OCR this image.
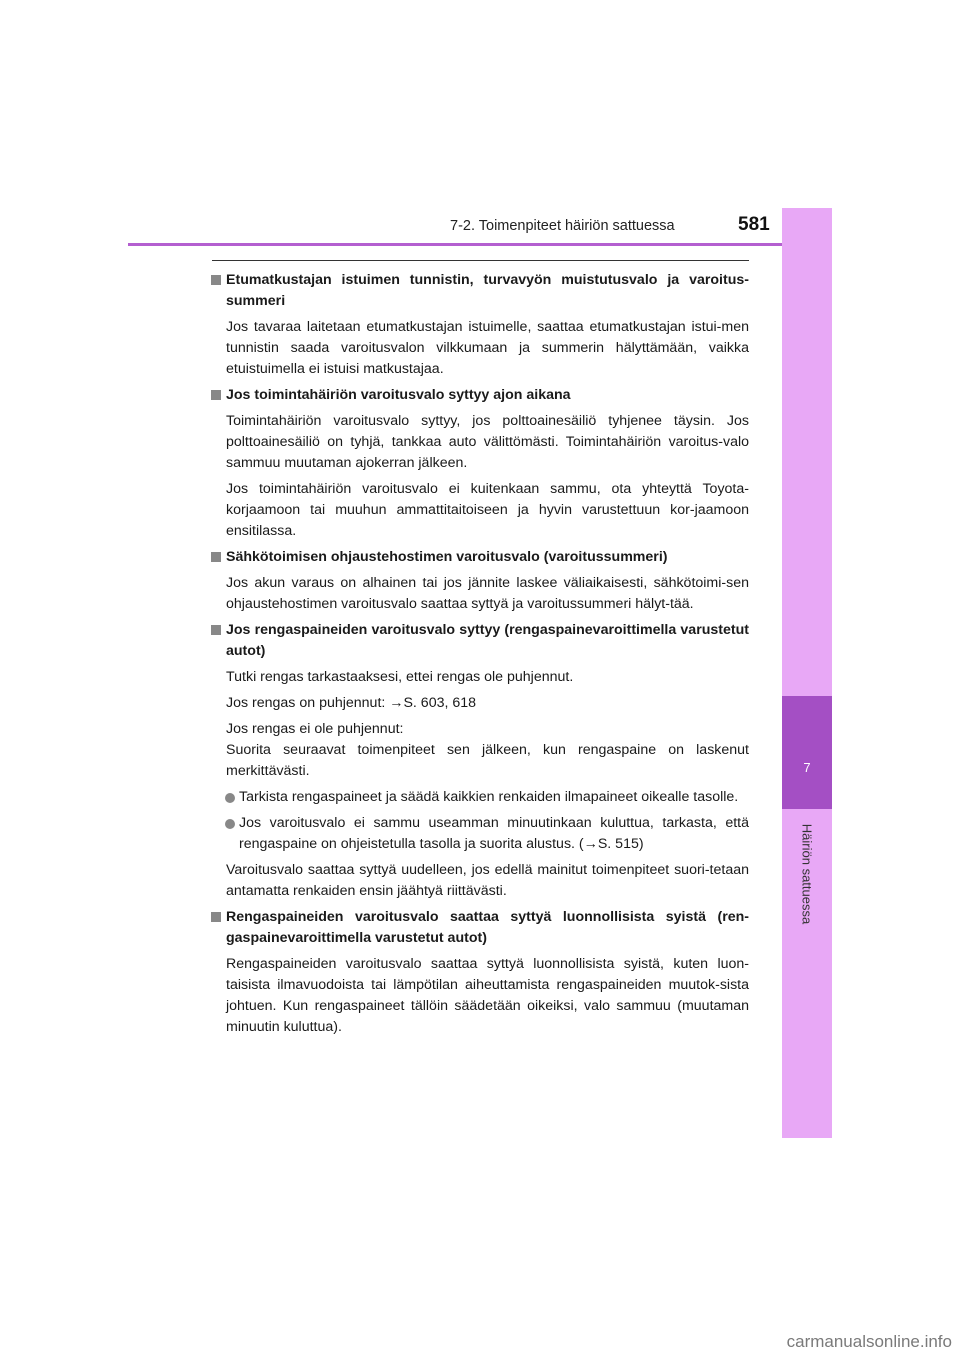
7-2. Toimenpiteet häiriön sattuessa	581
7
Häiriön sattuessa
Etumatkustajan istuimen tunnistin, turvavyön muistutusvalo ja varoitus-summeri

Jos tavaraa laitetaan etumatkustajan istuimelle, saattaa etumatkustajan istui-men tunnistin saada varoitusvalon vilkkumaan ja summerin hälyttämään, vaikka etuistuimella ei istuisi matkustajaa.

Jos toimintahäiriön varoitusvalo syttyy ajon aikana

Toimintahäiriön varoitusvalo syttyy, jos polttoainesäiliö tyhjenee täysin. Jos polttoainesäiliö on tyhjä, tankkaa auto välittömästi. Toimintahäiriön varoitus-valo sammuu muutaman ajokerran jälkeen.

Jos toimintahäiriön varoitusvalo ei kuitenkaan sammu, ota yhteyttä Toyota-korjaamoon tai muuhun ammattitaitoiseen ja hyvin varustettuun kor-jaamoon ensitilassa.

Sähkötoimisen ohjaustehostimen varoitusvalo (varoitussummeri)

Jos akun varaus on alhainen tai jos jännite laskee väliaikaisesti, sähkötoimi-sen ohjaustehostimen varoitusvalo saattaa syttyä ja varoitussummeri hälyt-tää.

Jos rengaspaineiden varoitusvalo syttyy (rengaspainevaroittimella varustetut autot)

Tutki rengas tarkastaaksesi, ettei rengas ole puhjennut.

Jos rengas on puhjennut: →S. 603, 618

Jos rengas ei ole puhjennut:
Suorita seuraavat toimenpiteet sen jälkeen, kun rengaspaine on laskenut merkittävästi.

Tarkista rengaspaineet ja säädä kaikkien renkaiden ilmapaineet oikealle tasolle.
Jos varoitusvalo ei sammu useamman minuutinkaan kuluttua, tarkasta, että rengaspaine on ohjeistetulla tasolla ja suorita alustus. (→S. 515)

Varoitusvalo saattaa syttyä uudelleen, jos edellä mainitut toimenpiteet suori-tetaan antamatta renkaiden ensin jäähtyä riittävästi.

Rengaspaineiden varoitusvalo saattaa syttyä luonnollisista syistä (ren-gaspainevaroittimella varustetut autot)

Rengaspaineiden varoitusvalo saattaa syttyä luonnollisista syistä, kuten luon-taisista ilmavuodoista tai lämpötilan aiheuttamista rengaspaineiden muutok-sista johtuen. Kun rengaspaineet tällöin säädetään oikeiksi, valo sammuu (muutaman minuutin kuluttua).

carmanualsonline.info
